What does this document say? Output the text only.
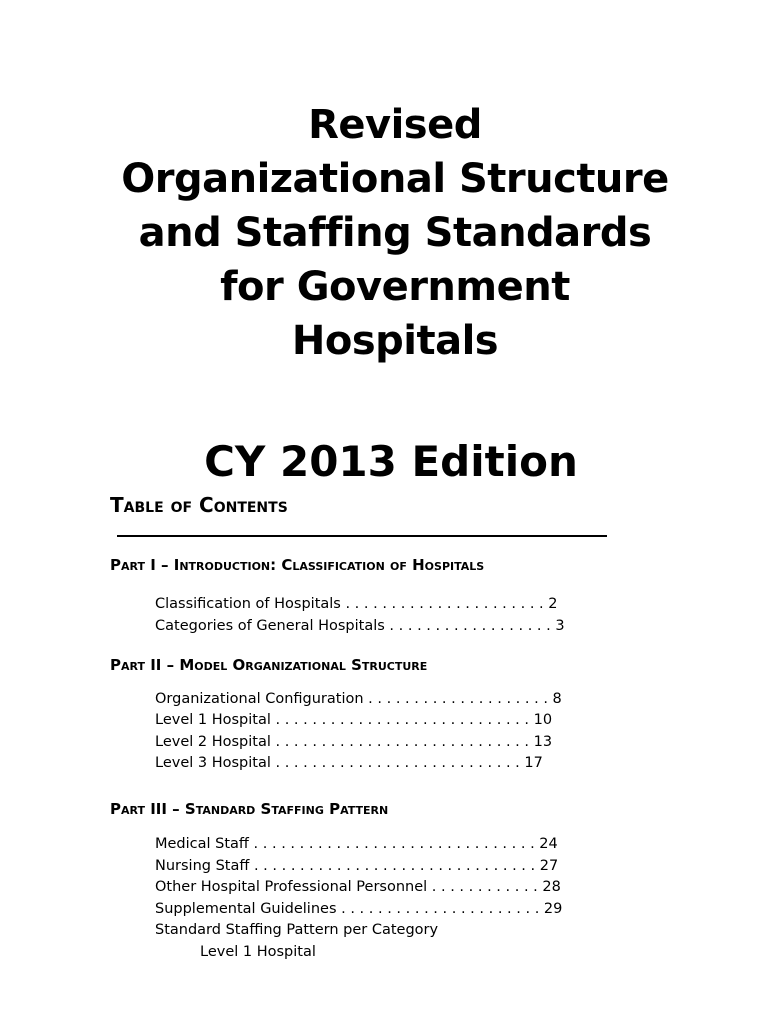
Revised
Organizational Structure
and Staffing Standards
for Government
Hospitals
CY 2013 Edition
Table of Contents
Part I – Introduction: Classification of Hospitals
Classification of Hospitals . . . . . . . . . . . . . . . . . . . . . . 2
Categories of General Hospitals . . . . . . . . . . . . . . . . . . 3
Part II – Model Organizational Structure
Organizational Configuration . . . . . . . . . . . . . . . . . . . . 8
Level 1 Hospital . . . . . . . . . . . . . . . . . . . . . . . . . . . . 10
Level 2 Hospital . . . . . . . . . . . . . . . . . . . . . . . . . . . . 13
Level 3 Hospital . . . . . . . . . . . . . . . . . . . . . . . . . . . 17
Part III – Standard Staffing Pattern
Medical Staff . . . . . . . . . . . . . . . . . . . . . . . . . . . . . . . 24
Nursing Staff . . . . . . . . . . . . . . . . . . . . . . . . . . . . . . . 27
Other Hospital Professional Personnel . . . . . . . . . . . . 28
Supplemental Guidelines . . . . . . . . . . . . . . . . . . . . . . 29
Standard Staffing Pattern per Category
Level 1 Hospital
